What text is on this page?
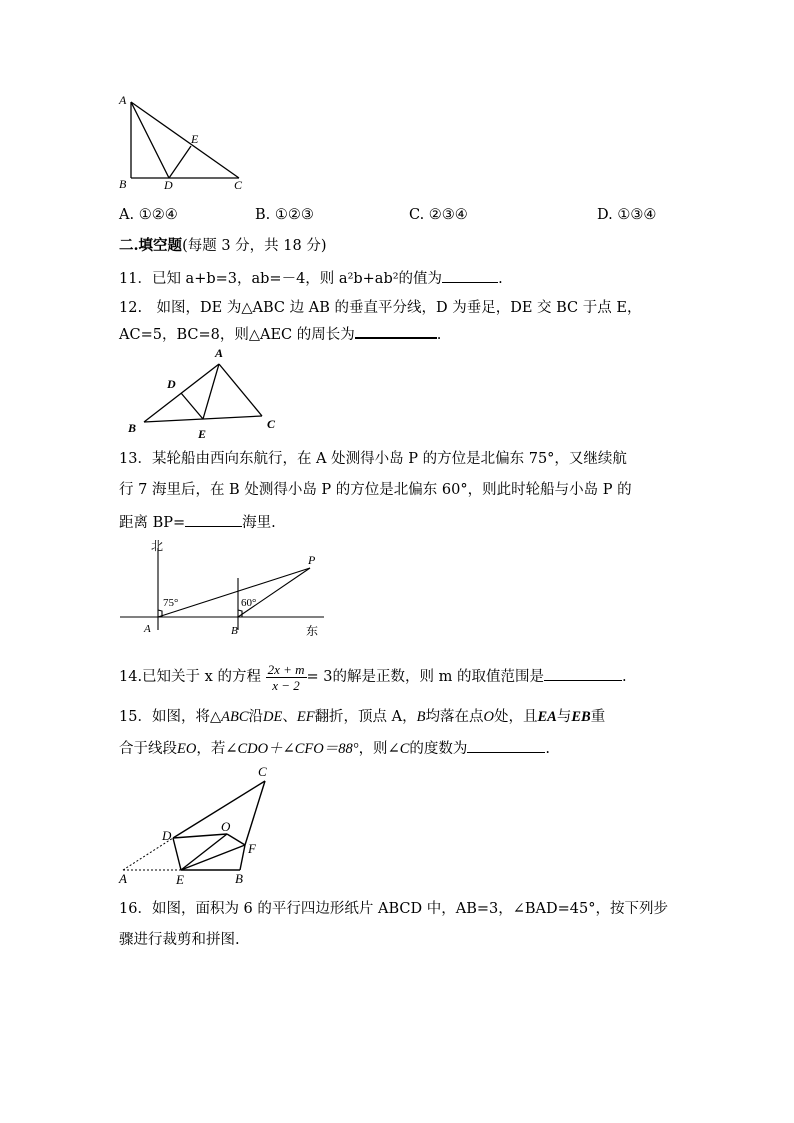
A
B	D	C
E
A. ①②④	B. ①②③	C. ②③④	D. ①③④
二.填空题(每题 3 分，共 18 分)
11．已知 a+b=3，ab=－4，则 a²b+ab²的值为	.
12.　如图，DE 为△ABC 边 AB 的垂直平分线，D 为垂足，DE 交 BC 于点 E，
AC=5，BC=8，则△AEC 的周长为	.
A
D
B	E
C
13．某轮船由西向东航行，在 A 处测得小岛 P 的方位是北偏东 75°，又继续航
行 7 海里后，在 B 处测得小岛 P 的方位是北偏东 60°，则此时轮船与小岛 P 的
距离 BP=	海里.
北
75°	60°
P
A	B	东
14.已知关于 x 的方程 $\frac{2x + m}{x - 2} = 3$的解是正数，则 m 的取值范围是	.
15．如图，将△ABC沿DE、EF翻折，顶点 A，B均落在点O处，且EA与EB重
合于线段EO，若∠CDO＋∠CFO＝88°，则∠C的度数为	.
C
D
O
F
A	E	B
16．如图，面积为 6 的平行四边形纸片 ABCD 中，AB=3，∠BAD=45°，按下列步
骤进行裁剪和拼图.
